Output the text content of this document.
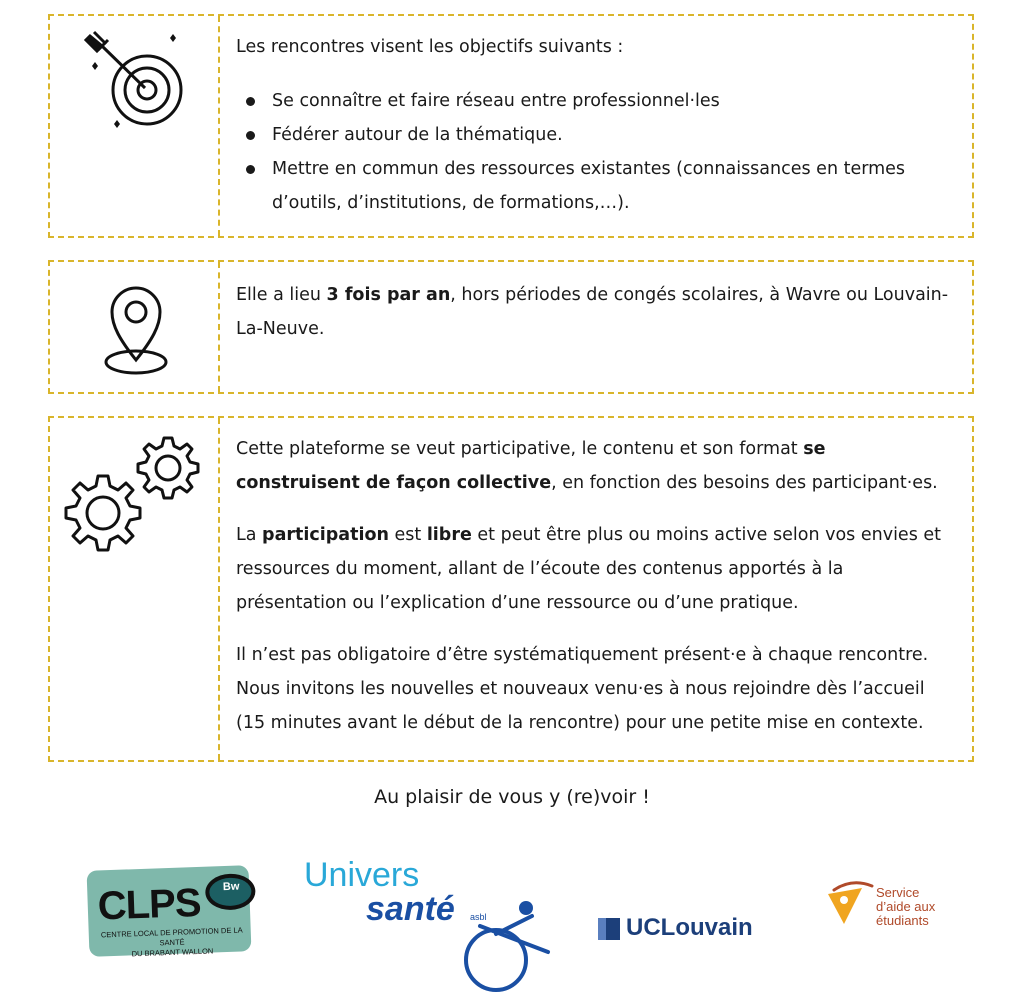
Les rencontres visent les objectifs suivants :

Se connaître et faire réseau entre professionnel·les
Fédérer autour de la thématique.
Mettre en commun des ressources existantes (connaissances en termes d’outils, d’institutions, de formations,…).

Elle a lieu 3 fois par an, hors périodes de congés scolaires, à Wavre ou Louvain-La-Neuve.

Cette plateforme se veut participative, le contenu et son format se construisent de façon collective, en fonction des besoins des participant·es.

La participation est libre et peut être plus ou moins active selon vos envies et ressources du moment, allant de l’écoute des contenus apportés à la présentation ou l’explication d’une ressource ou d’une pratique.

Il n’est pas obligatoire d’être systématiquement présent·e à chaque rencontre. Nous invitons les nouvelles et nouveaux venu·es à nous rejoindre dès l’accueil (15 minutes avant le début de la rencontre) pour une petite mise en contexte.

Au plaisir de vous y (re)voir !
CLPS	Bw
CENTRE LOCAL DE PROMOTION DE LA SANTÉ
DU BRABANT WALLON
Univers
santé asbl	UCLouvain
Service
d’aide aux
étudiants
